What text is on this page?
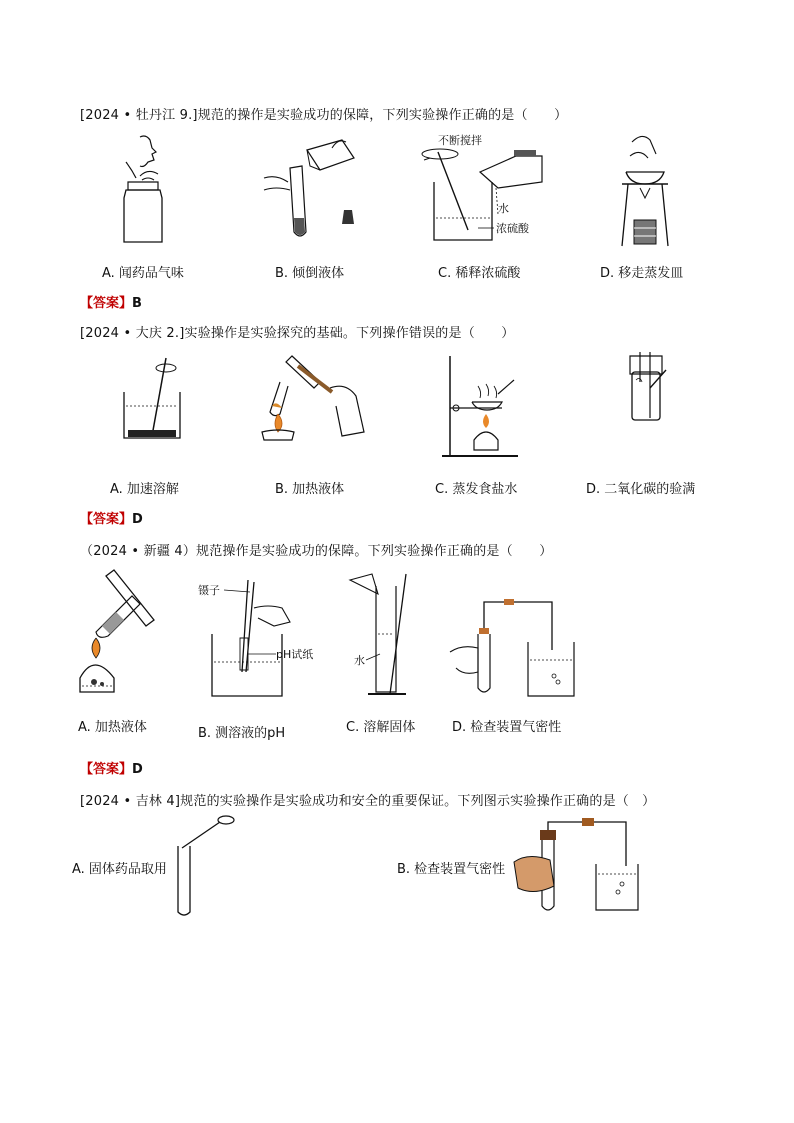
[2024 • 牡丹江 9.]规范的操作是实验成功的保障，下列实验操作正确的是（　　）
不断搅拌
水
浓硫酸
A. 闻药品气味	B. 倾倒液体	C. 稀释浓硫酸	D. 移走蒸发皿
【答案】B
[2024 • 大庆 2.]实验操作是实验探究的基础。下列操作错误的是（　　）
A. 加速溶解	B. 加热液体	C. 蒸发食盐水	D. 二氧化碳的验满
【答案】D
（2024 • 新疆 4）规范操作是实验成功的保障。下列实验操作正确的是（　　）
镊子
pH试纸	水
A. 加热液体	B. 测溶液的pH	C. 溶解固体	D. 检查装置气密性
【答案】D
[2024 • 吉林 4]规范的实验操作是实验成功和安全的重要保证。下列图示实验操作正确的是（　）
A. 固体药品取用	B. 检查装置气密性
